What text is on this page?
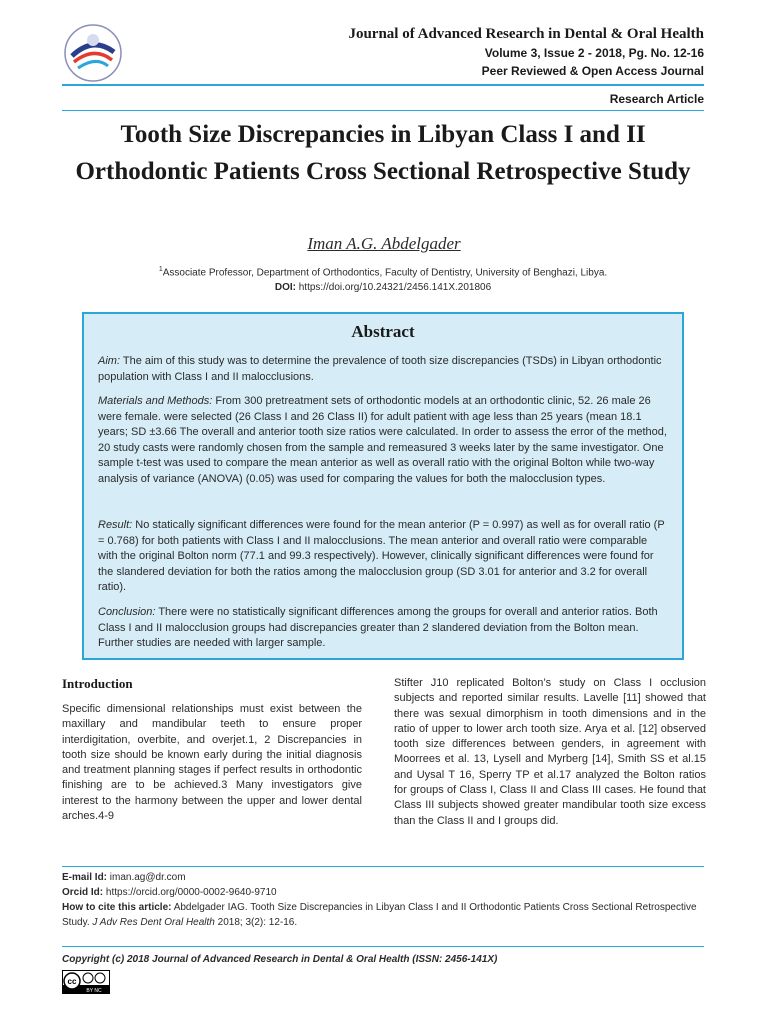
Journal of Advanced Research in Dental & Oral Health
Volume 3, Issue 2 - 2018, Pg. No. 12-16
Peer Reviewed & Open Access Journal
Research Article
Tooth Size Discrepancies in Libyan Class I and II Orthodontic Patients Cross Sectional Retrospective Study
Iman A.G. Abdelgader
$^1$Associate Professor, Department of Orthodontics, Faculty of Dentistry, University of Benghazi, Libya.
DOI: https://doi.org/10.24321/2456.141X.201806
Abstract
Aim: The aim of this study was to determine the prevalence of tooth size discrepancies (TSDs) in Libyan orthodontic population with Class I and II malocclusions.
Materials and Methods: From 300 pretreatment sets of orthodontic models at an orthodontic clinic, 52. 26 male 26 were female. were selected (26 Class I and 26 Class II) for adult patient with age less than 25 years (mean 18.1 years; SD ±3.66 The overall and anterior tooth size ratios were calculated. In order to assess the error of the method, 20 study casts were randomly chosen from the sample and remeasured 3 weeks later by the same investigator. One sample t-test was used to compare the mean anterior as well as overall ratio with the original Bolton while two-way analysis of variance (ANOVA) (0.05) was used for comparing the values for both the malocclusion types.
Result: No statically significant differences were found for the mean anterior (P = 0.997) as well as for overall ratio (P = 0.768) for both patients with Class I and II malocclusions. The mean anterior and overall ratio were comparable with the original Bolton norm (77.1 and 99.3 respectively). However, clinically significant differences were found for the slandered deviation for both the ratios among the malocclusion group (SD 3.01 for anterior and 3.2 for overall ratio).
Conclusion: There were no statistically significant differences among the groups for overall and anterior ratios. Both Class I and II malocclusion groups had discrepancies greater than 2 slandered deviation from the Bolton mean. Further studies are needed with larger sample.
Introduction
Specific dimensional relationships must exist between the maxillary and mandibular teeth to ensure proper interdigitation, overbite, and overjet.1, 2 Discrepancies in tooth size should be known early during the initial diagnosis and treatment planning stages if perfect results in orthodontic finishing are to be achieved.3 Many investigators give interest to the harmony between the upper and lower dental arches.4-9
Stifter J10 replicated Bolton’s study on Class I occlusion subjects and reported similar results. Lavelle [11] showed that there was sexual dimorphism in tooth dimensions and in the ratio of upper to lower arch tooth size. Arya et al. [12] observed tooth size differences between genders, in agreement with Moorrees et al. 13, Lysell and Myrberg [14], Smith SS et al.15 and Uysal T 16, Sperry TP et al.17 analyzed the Bolton ratios for groups of Class I, Class II and Class III cases. He found that Class III subjects showed greater mandibular tooth size excess than the Class II and I groups did.
E-mail Id: iman.ag@dr.com
Orcid Id: https://orcid.org/0000-0002-9640-9710
How to cite this article: Abdelgader IAG. Tooth Size Discrepancies in Libyan Class I and II Orthodontic Patients Cross Sectional Retrospective Study. J Adv Res Dent Oral Health 2018; 3(2): 12-16.
Copyright (c) 2018 Journal of Advanced Research in Dental & Oral Health (ISSN: 2456-141X)
cc
BY NC
